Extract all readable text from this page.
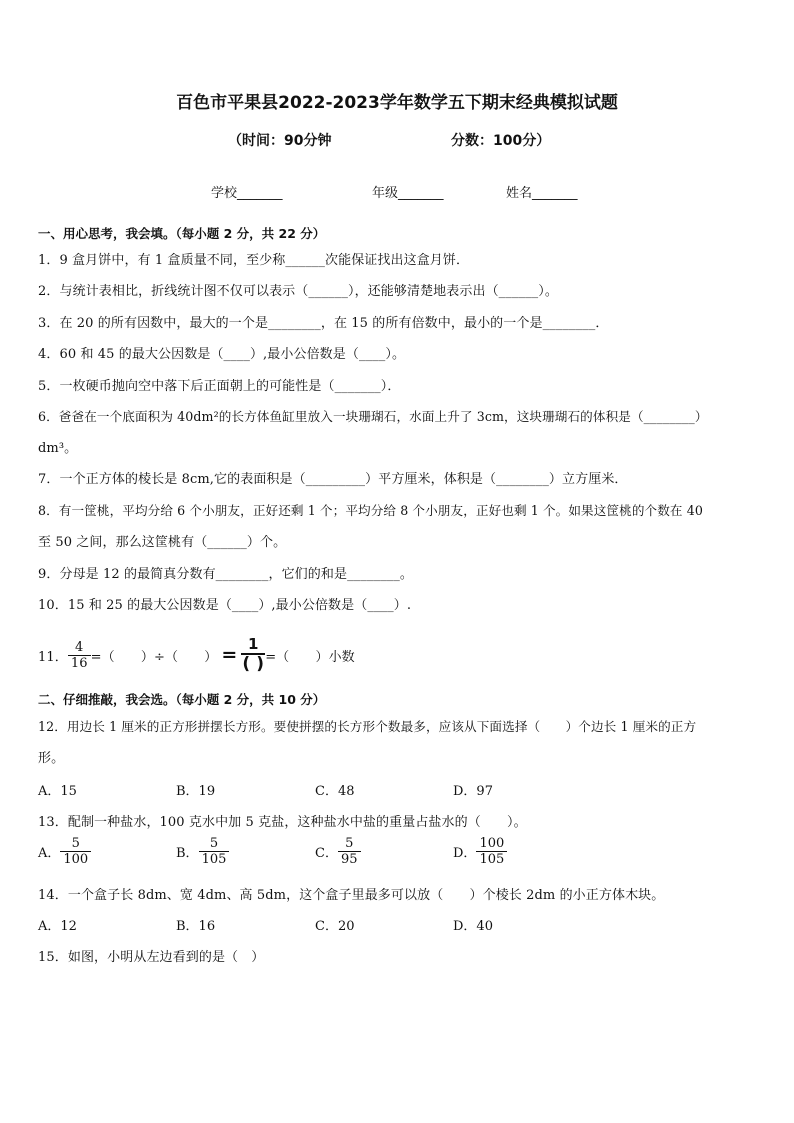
百色市平果县2022-2023学年数学五下期末经典模拟试题
（时间：90分钟	分数：100分）
学校_______	年级_______	姓名_______
一、用心思考，我会填。（每小题 2 分，共 22 分）
1．9 盒月饼中，有 1 盒质量不同，至少称______次能保证找出这盒月饼．
2．与统计表相比，折线统计图不仅可以表示（______），还能够清楚地表示出（______）。
3．在 20 的所有因数中，最大的一个是________，在 15 的所有倍数中，最小的一个是________．
4．60 和 45 的最大公因数是（____）,最小公倍数是（____）。
5．一枚硬币抛向空中落下后正面朝上的可能性是（_______）．
6．爸爸在一个底面积为 40dm²的长方体鱼缸里放入一块珊瑚石，水面上升了 3cm，这块珊瑚石的体积是（________）
dm³。
7．一个正方体的棱长是 8cm,它的表面积是（_________）平方厘米，体积是（________）立方厘米．
8．有一筐桃，平均分给 6 个小朋友，正好还剩 1 个；平均分给 8 个小朋友，正好也剩 1 个。如果这筐桃的个数在 40
至 50 之间，那么这筐桃有（______）个。
9．分母是 12 的最简真分数有________，它们的和是________。
10．15 和 25 的最大公因数是（____）,最小公倍数是（____）.
11． $\frac{4}{16}$ =（　　）÷（　　） = $\frac{1}{( )}$ =（　　）小数
二、仔细推敲，我会选。（每小题 2 分，共 10 分）
12．用边长 1 厘米的正方形拼摆长方形。要使拼摆的长方形个数最多，应该从下面选择（　　）个边长 1 厘米的正方
形。
A．15	B．19	C．48	D．97
13．配制一种盐水，100 克水中加 5 克盐，这种盐水中盐的重量占盐水的（　　）。
A． $\frac{5}{100}$	B． $\frac{5}{105}$	C． $\frac{5}{95}$	D． $\frac{100}{105}$
14．一个盒子长 8dm、宽 4dm、高 5dm，这个盒子里最多可以放（　　）个棱长 2dm 的小正方体木块。
A．12	B．16	C．20	D．40
15．如图，小明从左边看到的是（　）
